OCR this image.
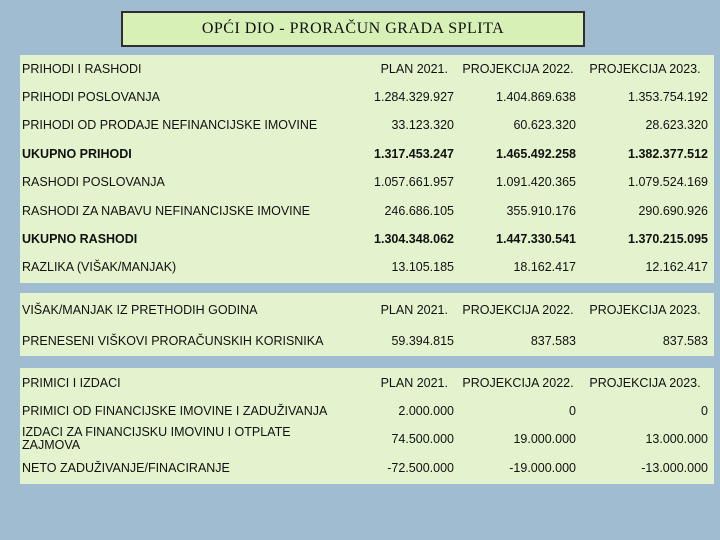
OPĆI DIO - PRORAČUN GRADA SPLITA
PRIHODI I RASHODI	PLAN 2021.	PROJEKCIJA 2022.	PROJEKCIJA 2023.
PRIHODI POSLOVANJA	1.284.329.927	1.404.869.638	1.353.754.192
PRIHODI OD PRODAJE NEFINANCIJSKE IMOVINE	33.123.320	60.623.320	28.623.320
UKUPNO PRIHODI	1.317.453.247	1.465.492.258	1.382.377.512
RASHODI POSLOVANJA	1.057.661.957	1.091.420.365	1.079.524.169
RASHODI ZA NABAVU NEFINANCIJSKE IMOVINE	246.686.105	355.910.176	290.690.926
UKUPNO RASHODI	1.304.348.062	1.447.330.541	1.370.215.095
RAZLIKA (VIŠAK/MANJAK)	13.105.185	18.162.417	12.162.417
VIŠAK/MANJAK IZ PRETHODIH GODINA	PLAN 2021.	PROJEKCIJA 2022.	PROJEKCIJA 2023.
PRENESENI VIŠKOVI PRORAČUNSKIH KORISNIKA	59.394.815	837.583	837.583
PRIMICI I IZDACI	PLAN 2021.	PROJEKCIJA 2022.	PROJEKCIJA 2023.
PRIMICI OD FINANCIJSKE IMOVINE I ZADUŽIVANJA	2.000.000	0	0
IZDACI ZA FINANCIJSKU IMOVINU I OTPLATE ZAJMOVA	74.500.000	19.000.000	13.000.000
NETO ZADUŽIVANJE/FINACIRANJE	-72.500.000	-19.000.000	-13.000.000
